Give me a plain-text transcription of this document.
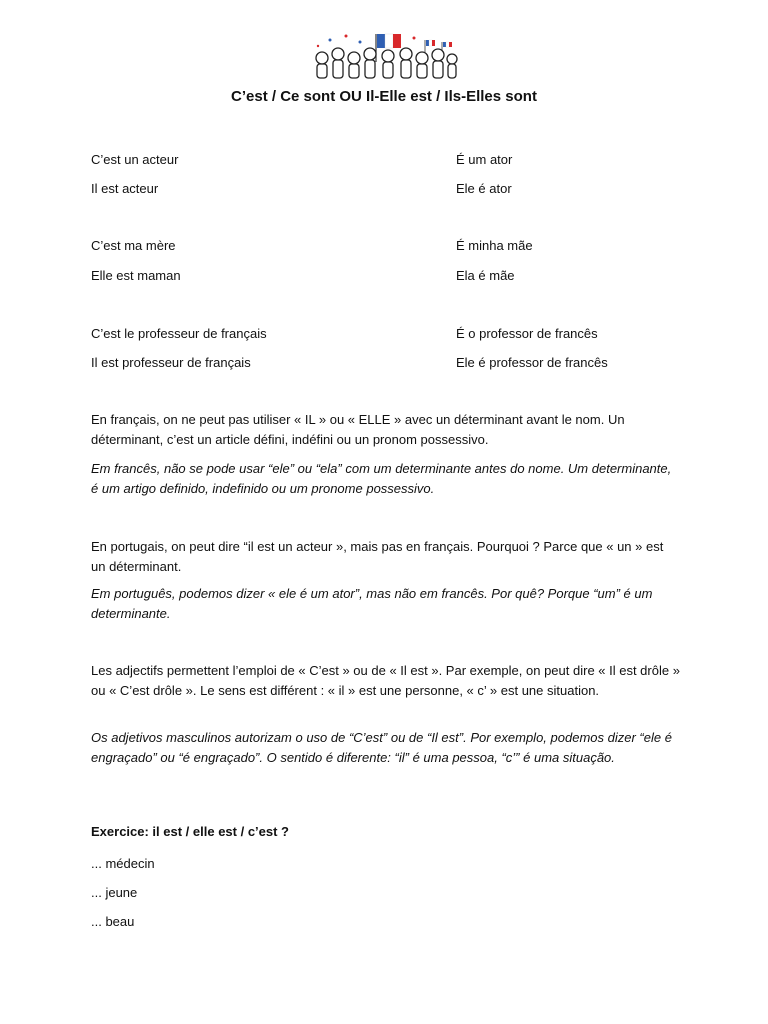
C’est / Ce sont OU Il-Elle est / Ils-Elles sont
C’est un acteur	É um ator
Il est acteur	Ele é ator
C’est ma mère	É minha mãe
Elle est maman	Ela é mãe
C’est le professeur de français	É o professor de francês
Il est professeur de français	Ele é professor de francês

En français, on ne peut pas utiliser « IL » ou « ELLE » avec un déterminant avant le nom. Un déterminant, c’est un article défini, indéfini ou un pronom possessivo.

Em francês, não se pode usar “ele” ou “ela” com um determinante antes do nome. Um determinante, é um artigo definido, indefinido ou um pronome possessivo.

En portugais, on peut dire “il est un acteur », mais pas en français. Pourquoi ? Parce que « un » est un déterminant.

Em português, podemos dizer « ele é um ator”, mas não em francês. Por quê? Porque “um” é um determinante.

Les adjectifs permettent l’emploi de « C’est » ou de « Il est ». Par exemple, on peut dire « Il est drôle » ou « C’est drôle ». Le sens est différent : « il » est une personne, « c’ » est une situation.

Os adjetivos masculinos autorizam o uso de “C’est” ou de “Il est”. Por exemplo, podemos dizer “ele é engraçado” ou “é engraçado”. O sentido é diferente: “il” é uma pessoa, “c’” é uma situação.

Exercice: il est / elle est / c’est ?
... médecin
... jeune
... beau
